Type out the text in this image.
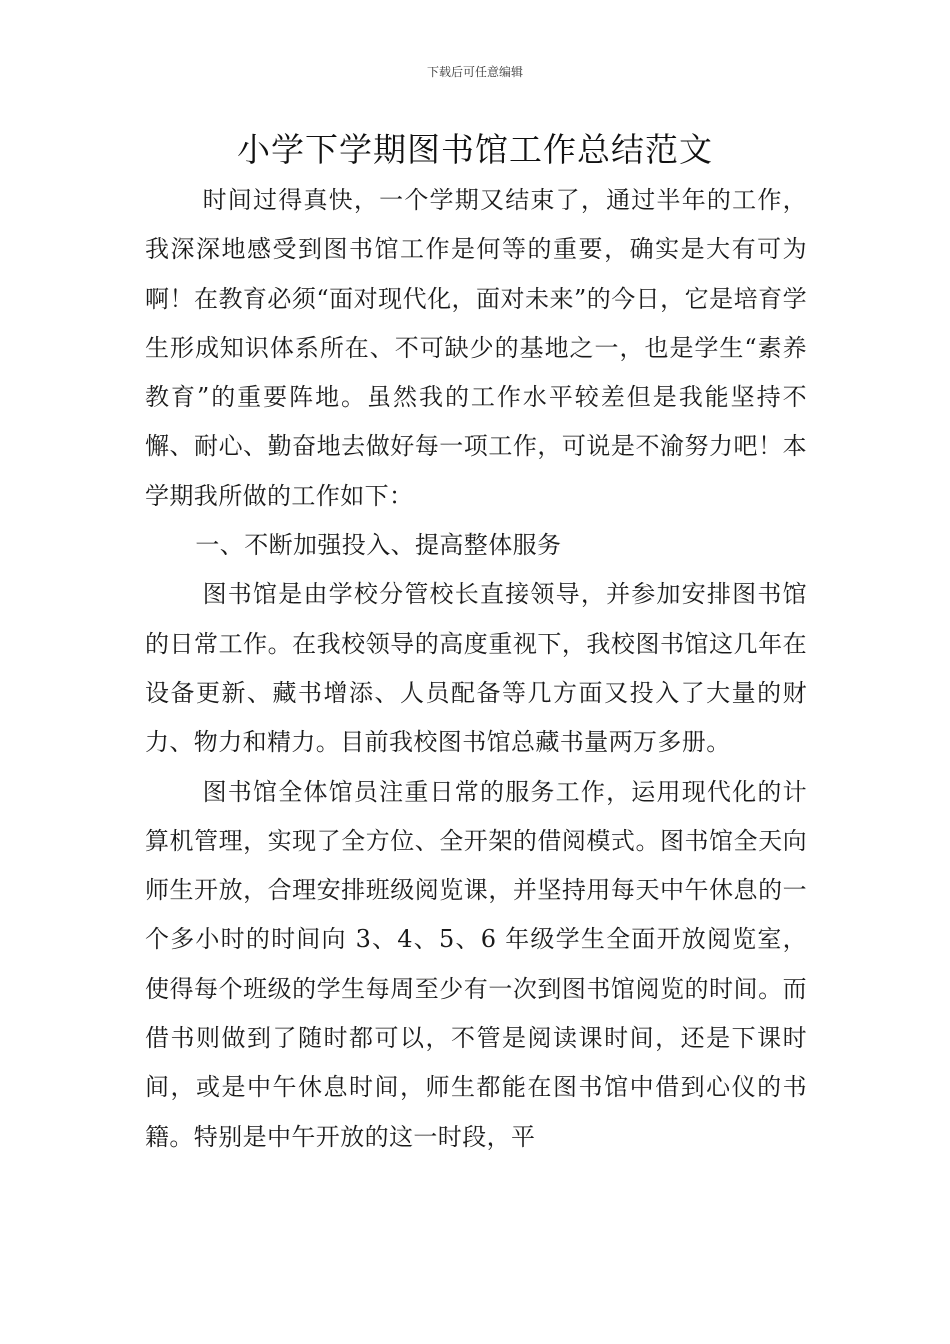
下载后可任意编辑
小学下学期图书馆工作总结范文

时间过得真快，一个学期又结束了，通过半年的工作，我深深地感受到图书馆工作是何等的重要，确实是大有可为啊！在教育必须“面对现代化，面对未来”的今日，它是培育学生形成知识体系所在、不可缺少的基地之一，也是学生“素养教育”的重要阵地。虽然我的工作水平较差但是我能坚持不懈、耐心、勤奋地去做好每一项工作，可说是不渝努力吧！本学期我所做的工作如下：

一、不断加强投入、提高整体服务

图书馆是由学校分管校长直接领导，并参加安排图书馆的日常工作。在我校领导的高度重视下，我校图书馆这几年在设备更新、藏书增添、人员配备等几方面又投入了大量的财力、物力和精力。目前我校图书馆总藏书量两万多册。

图书馆全体馆员注重日常的服务工作，运用现代化的计算机管理，实现了全方位、全开架的借阅模式。图书馆全天向师生开放，合理安排班级阅览课，并坚持用每天中午休息的一个多小时的时间向 3、4、5、6 年级学生全面开放阅览室，使得每个班级的学生每周至少有一次到图书馆阅览的时间。而借书则做到了随时都可以，不管是阅读课时间，还是下课时间，或是中午休息时间，师生都能在图书馆中借到心仪的书籍。特别是中午开放的这一时段，平
